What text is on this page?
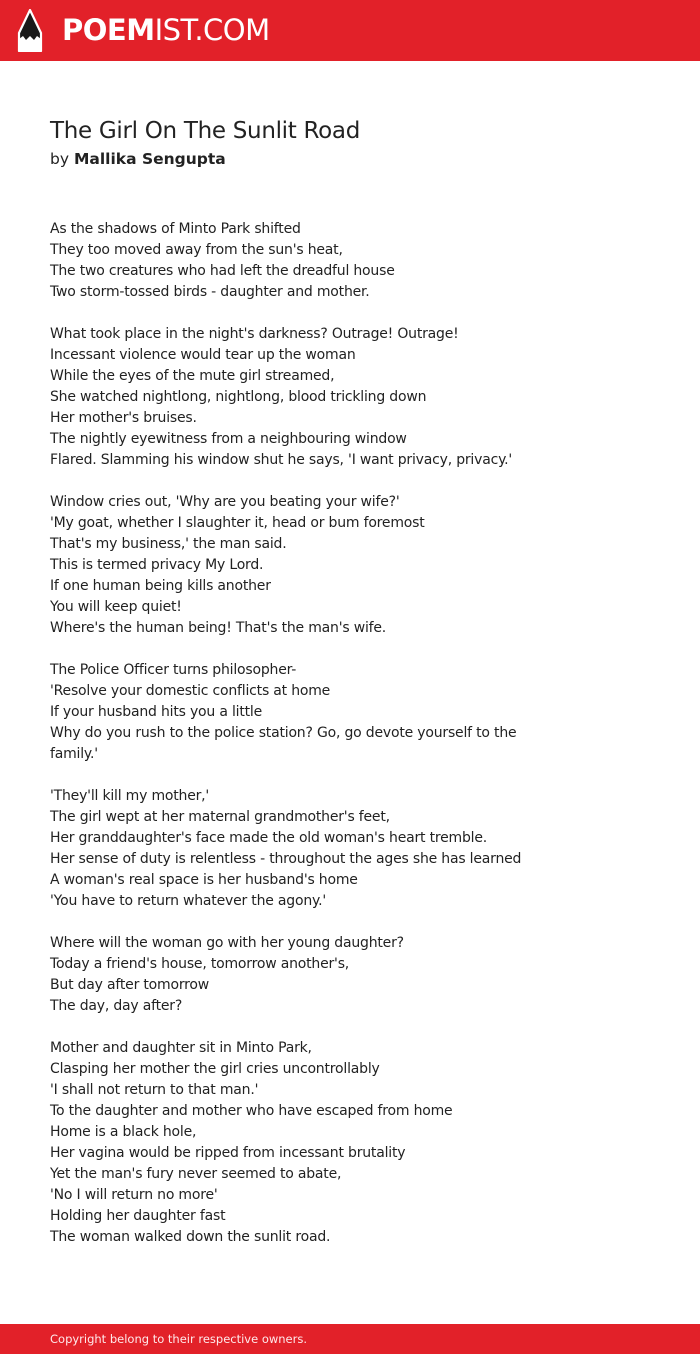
POEMIST.COM
The Girl On The Sunlit Road
by Mallika Sengupta
As the shadows of Minto Park shifted
They too moved away from the sun's heat,
The two creatures who had left the dreadful house
Two storm-tossed birds - daughter and mother.
What took place in the night's darkness? Outrage! Outrage!
Incessant violence would tear up the woman
While the eyes of the mute girl streamed,
She watched nightlong, nightlong, blood trickling down
Her mother's bruises.
The nightly eyewitness from a neighbouring window
Flared. Slamming his window shut he says, 'I want privacy, privacy.'
Window cries out, 'Why are you beating your wife?'
'My goat, whether I slaughter it, head or bum foremost
That's my business,' the man said.
This is termed privacy My Lord.
If one human being kills another
You will keep quiet!
Where's the human being! That's the man's wife.
The Police Officer turns philosopher-
'Resolve your domestic conflicts at home
If your husband hits you a little
Why do you rush to the police station? Go, go devote yourself to the
family.'
'They'll kill my mother,'
The girl wept at her maternal grandmother's feet,
Her granddaughter's face made the old woman's heart tremble.
Her sense of duty is relentless - throughout the ages she has learned
A woman's real space is her husband's home
'You have to return whatever the agony.'
Where will the woman go with her young daughter?
Today a friend's house, tomorrow another's,
But day after tomorrow
The day, day after?
Mother and daughter sit in Minto Park,
Clasping her mother the girl cries uncontrollably
'I shall not return to that man.'
To the daughter and mother who have escaped from home
Home is a black hole,
Her vagina would be ripped from incessant brutality
Yet the man's fury never seemed to abate,
'No I will return no more'
Holding her daughter fast
The woman walked down the sunlit road.
Copyright belong to their respective owners.
